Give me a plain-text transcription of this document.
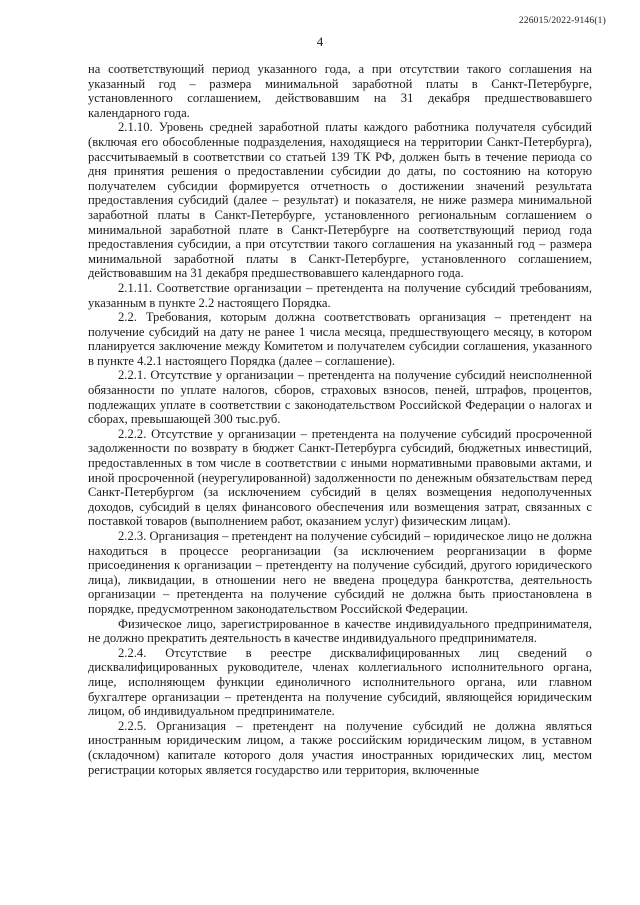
226015/2022-9146(1)
4

на соответствующий период указанного года, а при отсутствии такого соглашения на указанный год – размера минимальной заработной платы в Санкт-Петербурге, установленного соглашением, действовавшим на 31 декабря предшествовавшего календарного года.

2.1.10. Уровень средней заработной платы каждого работника получателя субсидий (включая его обособленные подразделения, находящиеся на территории Санкт-Петербурга), рассчитываемый в соответствии со статьей 139 ТК РФ, должен быть в течение периода со дня принятия решения о предоставлении субсидии до даты, по состоянию на которую получателем субсидии формируется отчетность о достижении значений результата предоставления субсидий (далее – результат) и показателя, не ниже размера минимальной заработной платы в Санкт-Петербурге, установленного региональным соглашением о минимальной заработной плате в Санкт-Петербурге на соответствующий период года предоставления субсидии, а при отсутствии такого соглашения на указанный год – размера минимальной заработной платы в Санкт-Петербурге, установленного соглашением, действовавшим на 31 декабря предшествовавшего календарного года.

2.1.11. Соответствие организации – претендента на получение субсидий требованиям, указанным в пункте 2.2 настоящего Порядка.

2.2. Требования, которым должна соответствовать организация – претендент на получение субсидий на дату не ранее 1 числа месяца, предшествующего месяцу, в котором планируется заключение между Комитетом и получателем субсидии соглашения, указанного в пункте 4.2.1 настоящего Порядка (далее – соглашение).

2.2.1. Отсутствие у организации – претендента на получение субсидий неисполненной обязанности по уплате налогов, сборов, страховых взносов, пеней, штрафов, процентов, подлежащих уплате в соответствии с законодательством Российской Федерации о налогах и сборах, превышающей 300 тыс.руб.

2.2.2. Отсутствие у организации – претендента на получение субсидий просроченной задолженности по возврату в бюджет Санкт-Петербурга субсидий, бюджетных инвестиций, предоставленных в том числе в соответствии с иными нормативными правовыми актами, и иной просроченной (неурегулированной) задолженности по денежным обязательствам перед Санкт-Петербургом (за исключением субсидий в целях возмещения недополученных доходов, субсидий в целях финансового обеспечения или возмещения затрат, связанных с поставкой товаров (выполнением работ, оказанием услуг) физическим лицам).

2.2.3. Организация – претендент на получение субсидий – юридическое лицо не должна находиться в процессе реорганизации (за исключением реорганизации в форме присоединения к организации – претенденту на получение субсидий, другого юридического лица), ликвидации, в отношении него не введена процедура банкротства, деятельность организации – претендента на получение субсидий не должна быть приостановлена в порядке, предусмотренном законодательством Российской Федерации.

Физическое лицо, зарегистрированное в качестве индивидуального предпринимателя, не должно прекратить деятельность в качестве индивидуального предпринимателя.

2.2.4. Отсутствие в реестре дисквалифицированных лиц сведений о дисквалифицированных руководителе, членах коллегиального исполнительного органа, лице, исполняющем функции единоличного исполнительного органа, или главном бухгалтере организации – претендента на получение субсидий, являющейся юридическим лицом, об индивидуальном предпринимателе.

2.2.5. Организация – претендент на получение субсидий не должна являться иностранным юридическим лицом, а также российским юридическим лицом, в уставном (складочном) капитале которого доля участия иностранных юридических лиц, местом регистрации которых является государство или территория, включенные
